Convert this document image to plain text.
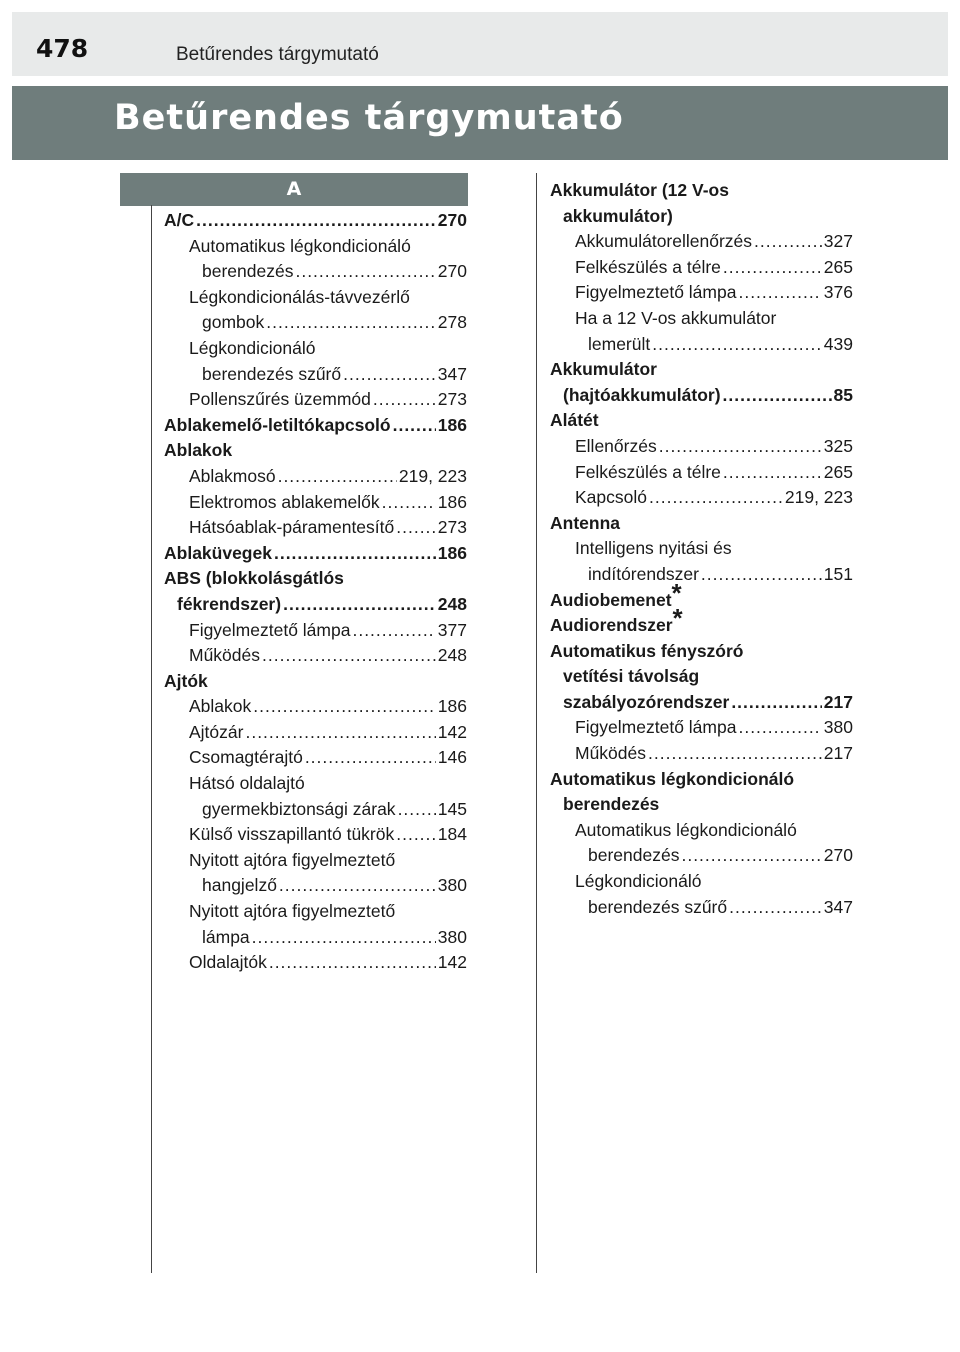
478	Betűrendes tárgymutató
Betűrendes tárgymutató
A
A/C .....	270
Automatikus légkondicionáló
berendezés .....	270
Légkondicionálás-távvezérlő
gombok .....	278
Légkondicionáló
berendezés szűrő .....	347
Pollenszűrés üzemmód .....	273
Ablakemelő-letiltókapcsoló .....	186
Ablakok
Ablakmosó .....	219, 223
Elektromos ablakemelők .....	186
Hátsóablak-páramentesítő ..... 273
Ablaküvegek .....	186
ABS (blokkolásgátlós
fékrendszer) .....	248
Figyelmeztető lámpa .....	377
Működés .....	248
Ajtók
Ablakok .....	186
Ajtózár .....	142
Csomagtérajtó .....	146
Hátsó oldalajtó
gyermekbiztonsági zárak ..... 145
Külső visszapillantó tükrök ..... 184
Nyitott ajtóra figyelmeztető
hangjelző .....	380
Nyitott ajtóra figyelmeztető
lámpa .....	380
Oldalajtók .....	142
Akkumulátor (12 V-os
akkumulátor)
Akkumulátorellenőrzés .....	327
Felkészülés a télre .....	265
Figyelmeztető lámpa .....	376
Ha a 12 V-os akkumulátor
lemerült .....	439
Akkumulátor
(hajtóakkumulátor) .....	85
Alátét
Ellenőrzés .....	325
Felkészülés a télre .....	265
Kapcsoló .....	219, 223
Antenna
Intelligens nyitási és
indítórendszer .....	151
Audiobemenet*
Audiorendszer*
Automatikus fényszóró
vetítési távolság
szabályozórendszer .....	217
Figyelmeztető lámpa .....	380
Működés .....	217
Automatikus légkondicionáló
berendezés
Automatikus légkondicionáló
berendezés .....	270
Légkondicionáló
berendezés szűrő .....	347
